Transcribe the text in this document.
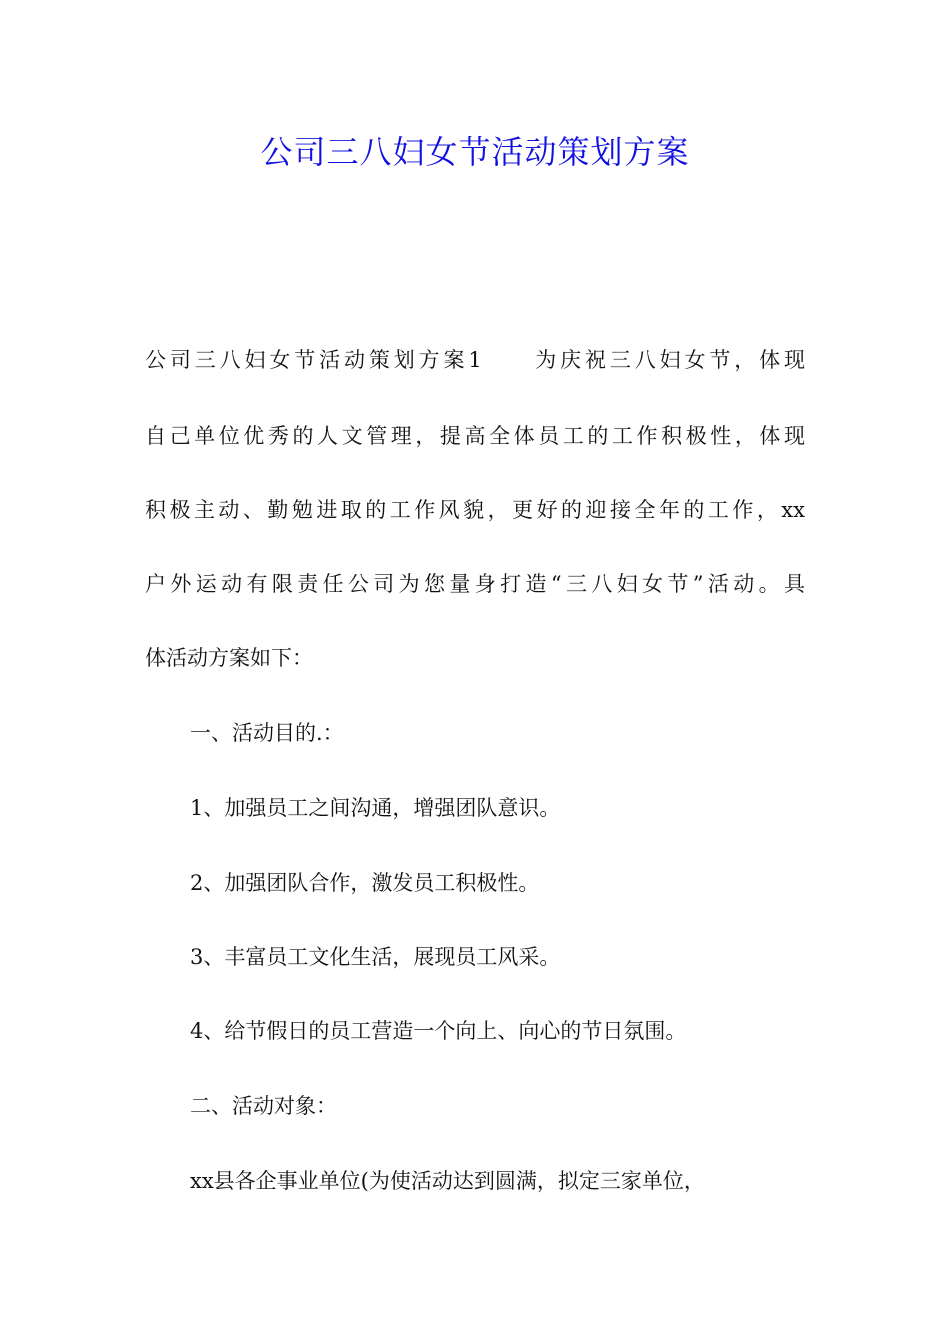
公司三八妇女节活动策划方案
公司三八妇女节活动策划方案1　　为庆祝三八妇女节，体现
自己单位优秀的人文管理，提高全体员工的工作积极性，体现
积极主动、勤勉进取的工作风貌，更好的迎接全年的工作，xx
户外运动有限责任公司为您量身打造“三八妇女节”活动。具
体活动方案如下：
一、活动目的.：
1、加强员工之间沟通，增强团队意识。
2、加强团队合作，激发员工积极性。
3、丰富员工文化生活，展现员工风采。
4、给节假日的员工营造一个向上、向心的节日氛围。
二、活动对象：
xx县各企事业单位(为使活动达到圆满，拟定三家单位，
